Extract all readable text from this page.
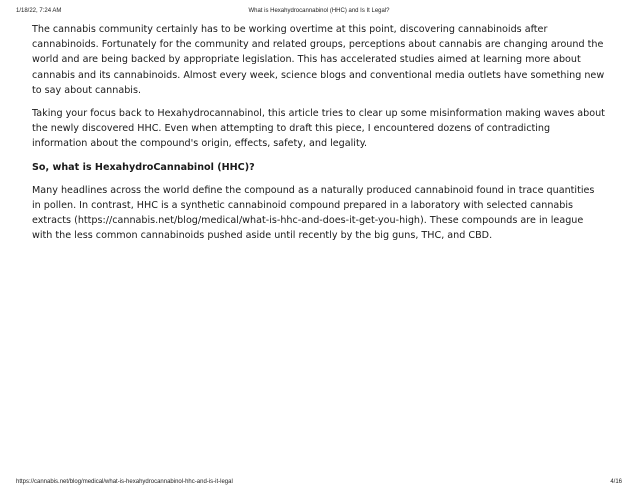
1/18/22, 7:24 AM	What is Hexahydrocannabinol (HHC) and Is It Legal?

The cannabis community certainly has to be working overtime at this point, discovering cannabinoids after cannabinoids. Fortunately for the community and related groups, perceptions about cannabis are changing around the world and are being backed by appropriate legislation. This has accelerated studies aimed at learning more about cannabis and its cannabinoids. Almost every week, science blogs and conventional media outlets have something new to say about cannabis.

Taking your focus back to Hexahydrocannabinol, this article tries to clear up some misinformation making waves about the newly discovered HHC. Even when attempting to draft this piece, I encountered dozens of contradicting information about the compound's origin, effects, safety, and legality.

So, what is HexahydroCannabinol (HHC)?

Many headlines across the world define the compound as a naturally produced cannabinoid found in trace quantities in pollen. In contrast, HHC is a synthetic cannabinoid compound prepared in a laboratory with selected cannabis extracts (https://cannabis.net/blog/medical/what-is-hhc-and-does-it-get-you-high). These compounds are in league with the less common cannabinoids pushed aside until recently by the big guns, THC, and CBD.

https://cannabis.net/blog/medical/what-is-hexahydrocannabinol-hhc-and-is-it-legal	4/16
